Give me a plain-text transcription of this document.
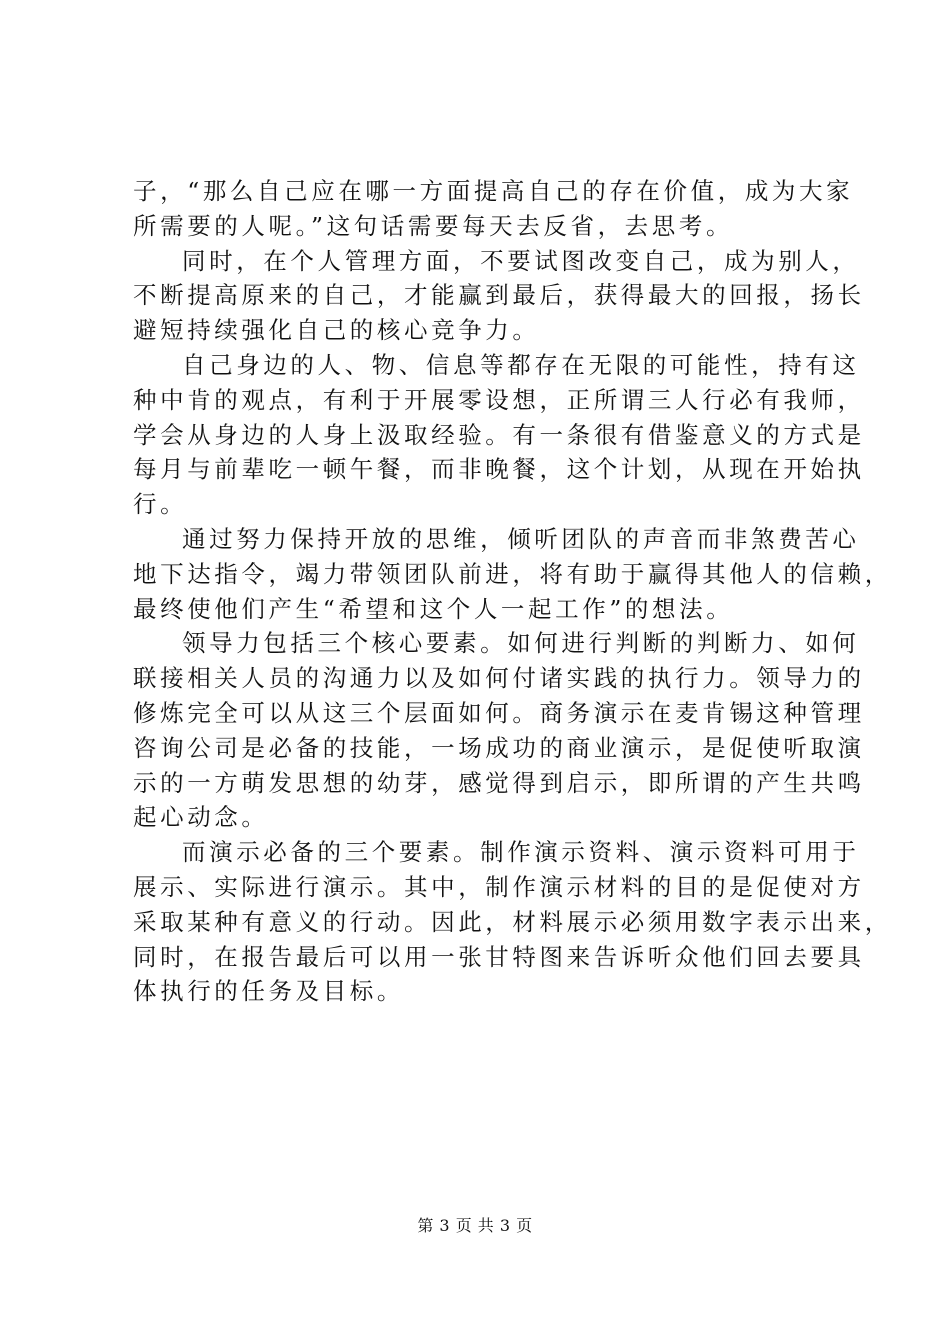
子，“那么自己应在哪一方面提高自己的存在价值，成为大家
所需要的人呢。”这句话需要每天去反省，去思考。
同时，在个人管理方面，不要试图改变自己，成为别人，
不断提高原来的自己，才能赢到最后，获得最大的回报，扬长
避短持续强化自己的核心竞争力。
自己身边的人、物、信息等都存在无限的可能性，持有这
种中肯的观点，有利于开展零设想，正所谓三人行必有我师，
学会从身边的人身上汲取经验。有一条很有借鉴意义的方式是
每月与前辈吃一顿午餐，而非晚餐，这个计划，从现在开始执
行。
通过努力保持开放的思维，倾听团队的声音而非煞费苦心
地下达指令，竭力带领团队前进，将有助于赢得其他人的信赖，
最终使他们产生“希望和这个人一起工作”的想法。
领导力包括三个核心要素。如何进行判断的判断力、如何
联接相关人员的沟通力以及如何付诸实践的执行力。领导力的
修炼完全可以从这三个层面如何。商务演示在麦肯锡这种管理
咨询公司是必备的技能，一场成功的商业演示，是促使听取演
示的一方萌发思想的幼芽，感觉得到启示，即所谓的产生共鸣
起心动念。
而演示必备的三个要素。制作演示资料、演示资料可用于
展示、实际进行演示。其中，制作演示材料的目的是促使对方
采取某种有意义的行动。因此，材料展示必须用数字表示出来，
同时，在报告最后可以用一张甘特图来告诉听众他们回去要具
体执行的任务及目标。
第 3 页 共 3 页
